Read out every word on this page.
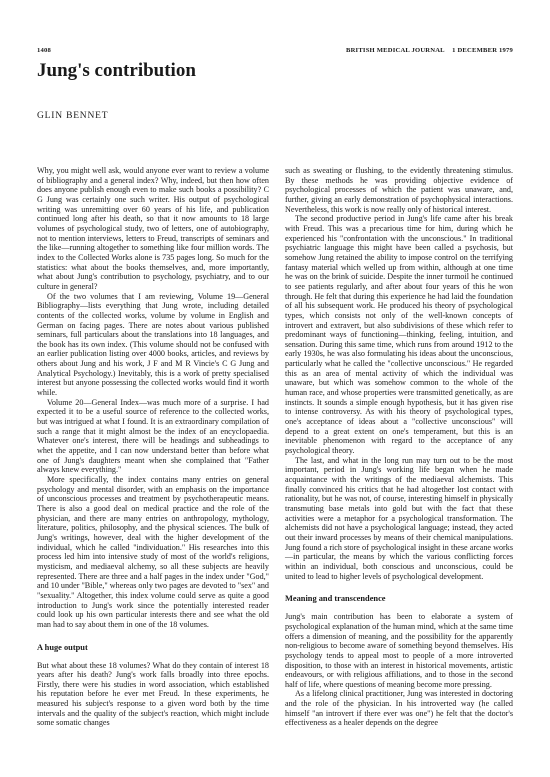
1408	BRITISH MEDICAL JOURNAL 1 DECEMBER 1979
Jung's contribution

GLIN BENNET

Why, you might well ask, would anyone ever want to review a volume of bibliography and a general index? Why, indeed, but then how often does anyone publish enough even to make such books a possibility? C G Jung was certainly one such writer. His output of psychological writing was unremitting over 60 years of his life, and publication continued long after his death, so that it now amounts to 18 large volumes of psychological study, two of letters, one of autobiography, not to mention interviews, letters to Freud, transcripts of seminars and the like—running altogether to something like four million words. The index to the Collected Works alone is 735 pages long. So much for the statistics: what about the books themselves, and, more importantly, what about Jung's contribution to psychology, psychiatry, and to our culture in general?

Of the two volumes that I am reviewing, Volume 19—General Bibliography—lists everything that Jung wrote, including detailed contents of the collected works, volume by volume in English and German on facing pages. There are notes about various published seminars, full particulars about the translations into 18 languages, and the book has its own index. (This volume should not be confused with an earlier publication listing over 4000 books, articles, and reviews by others about Jung and his work, J F and M R Vincie's C G Jung and Analytical Psychology.) Inevitably, this is a work of pretty specialised interest but anyone possessing the collected works would find it worth while.

Volume 20—General Index—was much more of a surprise. I had expected it to be a useful source of reference to the collected works, but was intrigued at what I found. It is an extraordinary compilation of such a range that it might almost be the index of an encyclopaedia. Whatever one's interest, there will be headings and subheadings to whet the appetite, and I can now understand better than before what one of Jung's daughters meant when she complained that "Father always knew everything."

More specifically, the index contains many entries on general psychology and mental disorder, with an emphasis on the importance of unconscious processes and treatment by psychotherapeutic means. There is also a good deal on medical practice and the role of the physician, and there are many entries on anthropology, mythology, literature, politics, philosophy, and the physical sciences. The bulk of Jung's writings, however, deal with the higher development of the individual, which he called "individuation." His researches into this process led him into intensive study of most of the world's religions, mysticism, and mediaeval alchemy, so all these subjects are heavily represented. There are three and a half pages in the index under "God," and 10 under "Bible," whereas only two pages are devoted to "sex" and "sexuality." Altogether, this index volume could serve as quite a good introduction to Jung's work since the potentially interested reader could look up his own particular interests there and see what the old man had to say about them in one of the 18 volumes.

A huge output

But what about these 18 volumes? What do they contain of interest 18 years after his death? Jung's work falls broadly into three epochs. Firstly, there were his studies in word association, which established his reputation before he ever met Freud. In these experiments, he measured his subject's response to a given word both by the time intervals and the quality of the subject's reaction, which might include some somatic changes

such as sweating or flushing, to the evidently threatening stimulus. By these methods he was providing objective evidence of psychological processes of which the patient was unaware, and, further, giving an early demonstration of psychophysical interactions. Nevertheless, this work is now really only of historical interest.

The second productive period in Jung's life came after his break with Freud. This was a precarious time for him, during which he experienced his "confrontation with the unconscious." In traditional psychiatric language this might have been called a psychosis, but somehow Jung retained the ability to impose control on the terrifying fantasy material which welled up from within, although at one time he was on the brink of suicide. Despite the inner turmoil he continued to see patients regularly, and after about four years of this he won through. He felt that during this experience he had laid the foundation of all his subsequent work. He produced his theory of psychological types, which consists not only of the well-known concepts of introvert and extravert, but also subdivisions of these which refer to predominant ways of functioning—thinking, feeling, intuition, and sensation. During this same time, which runs from around 1912 to the early 1930s, he was also formulating his ideas about the unconscious, particularly what he called the "collective unconscious." He regarded this as an area of mental activity of which the individual was unaware, but which was somehow common to the whole of the human race, and whose properties were transmitted genetically, as are instincts. It sounds a simple enough hypothesis, but it has given rise to intense controversy. As with his theory of psychological types, one's acceptance of ideas about a "collective unconscious" will depend to a great extent on one's temperament, but this is an inevitable phenomenon with regard to the acceptance of any psychological theory.

The last, and what in the long run may turn out to be the most important, period in Jung's working life began when he made acquaintance with the writings of the mediaeval alchemists. This finally convinced his critics that he had altogether lost contact with rationality, but he was not, of course, interesting himself in physically transmuting base metals into gold but with the fact that these activities were a metaphor for a psychological transformation. The alchemists did not have a psychological language; instead, they acted out their inward processes by means of their chemical manipulations. Jung found a rich store of psychological insight in these arcane works—in particular, the means by which the various conflicting forces within an individual, both conscious and unconscious, could be united to lead to higher levels of psychological development.

Meaning and transcendence

Jung's main contribution has been to elaborate a system of psychological explanation of the human mind, which at the same time offers a dimension of meaning, and the possibility for the apparently non-religious to become aware of something beyond themselves. His psychology tends to appeal most to people of a more introverted disposition, to those with an interest in historical movements, artistic endeavours, or with religious affiliations, and to those in the second half of life, where questions of meaning become more pressing.

As a lifelong clinical practitioner, Jung was interested in doctoring and the role of the physician. In his introverted way (he called himself "an introvert if there ever was one") he felt that the doctor's effectiveness as a healer depends on the degree
